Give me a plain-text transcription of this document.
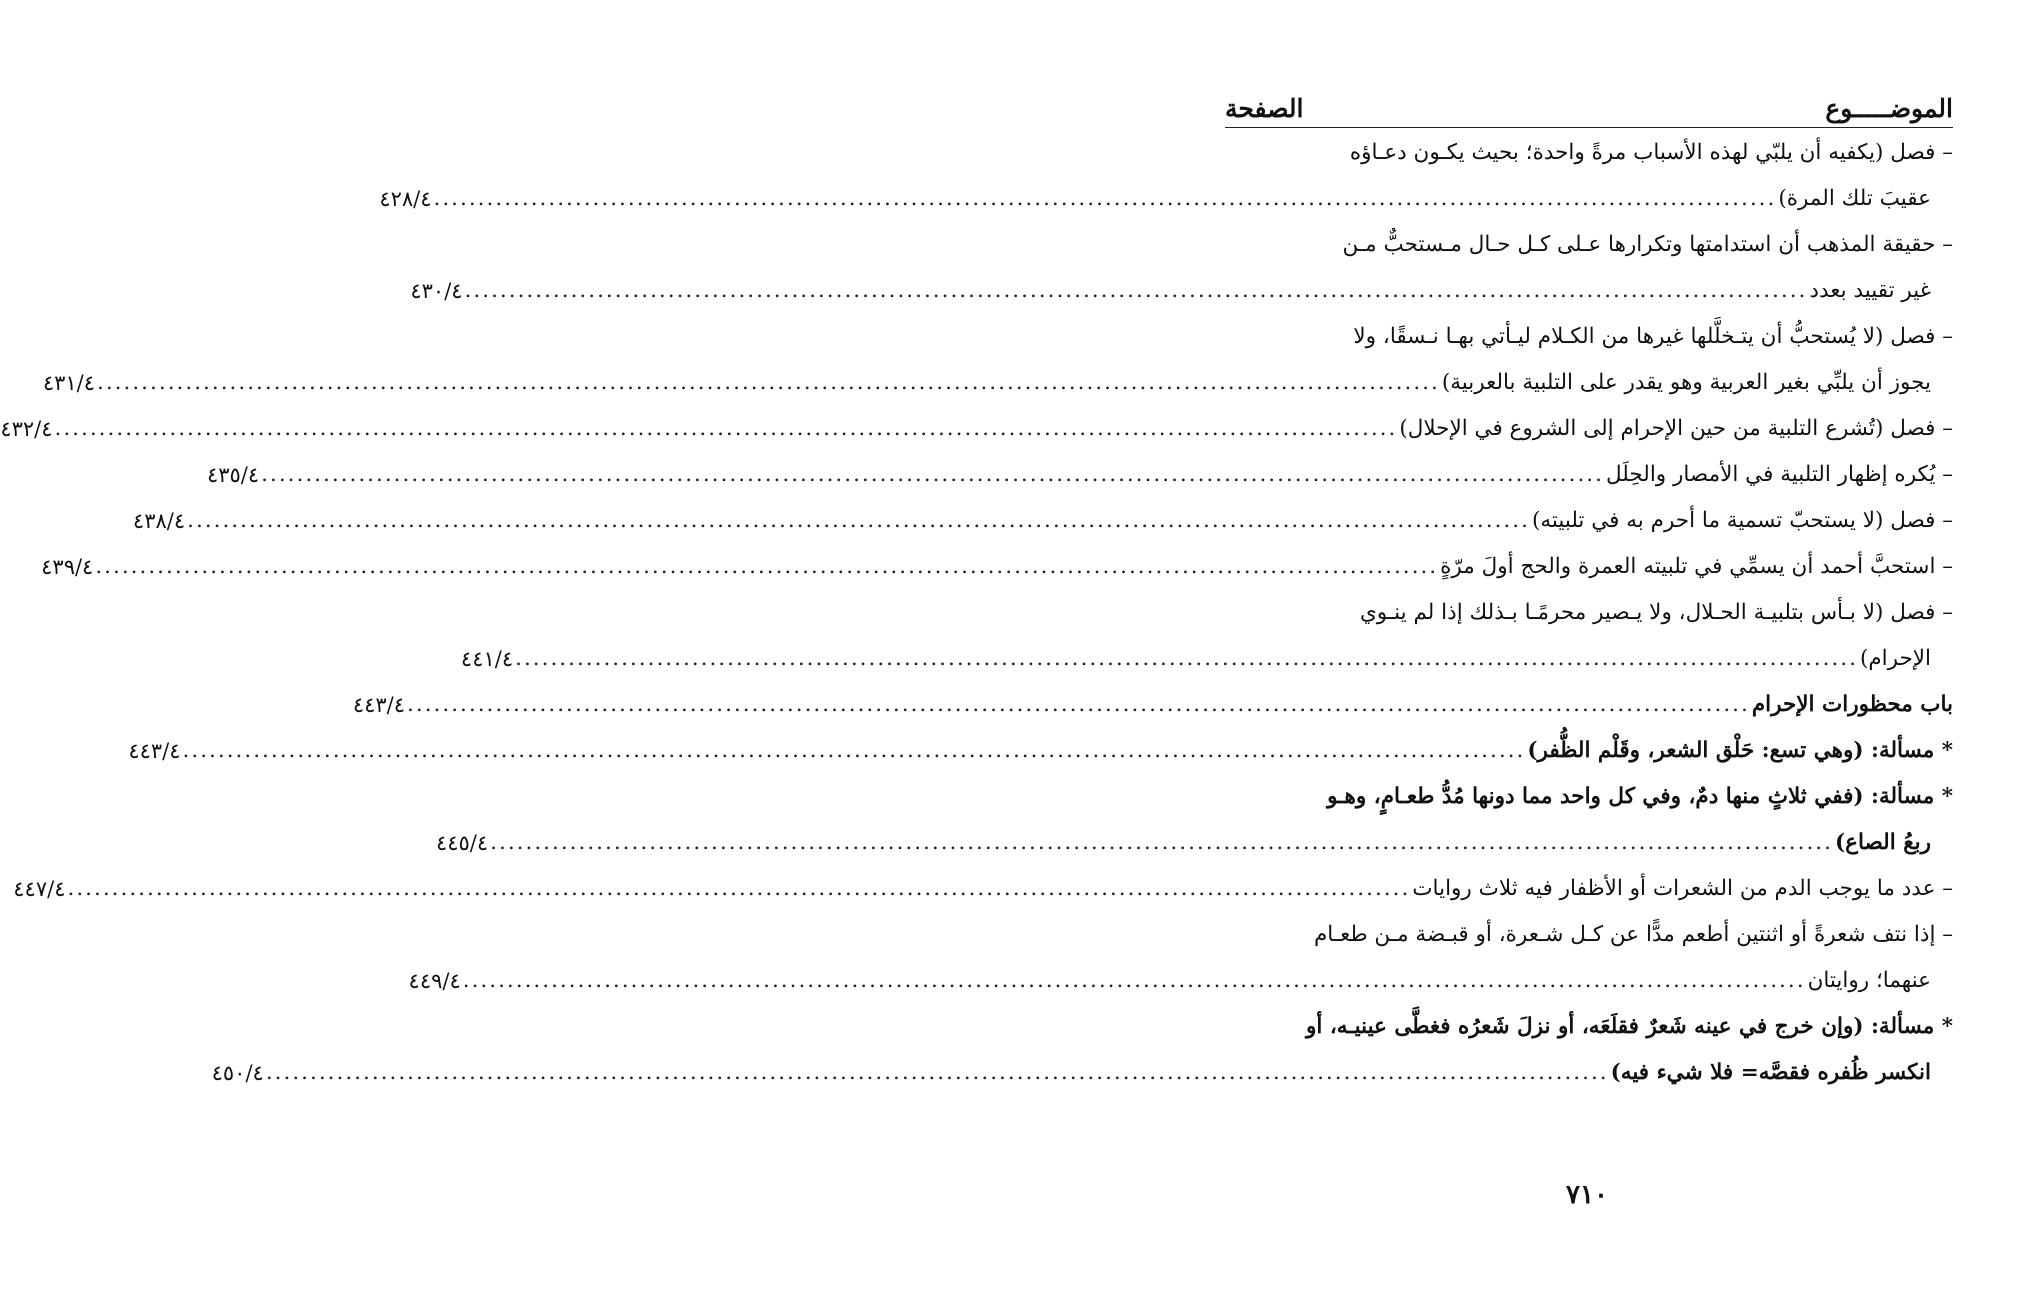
الموضـــــوع
الصفحة
– فصل (يكفيه أن يلبّي لهذه الأسباب مرةً واحدة؛ بحيث يكـون دعـاؤه
عقيبَ تلك المرة)
.....
٤٢٨/٤
– حقيقة المذهب أن استدامتها وتكرارها عـلى كـل حـال مـستحبٌّ مـن
غير تقييد بعدد
.....
٤٣٠/٤
– فصل (لا يُستحبُّ أن يتـخلَّلها غيرها من الكـلام ليـأتي بهـا نـسقًا، ولا
يجوز أن يلبِّي بغير العربية وهو يقدر على التلبية بالعربية)
.....
٤٣١/٤
– فصل (تُشرع التلبية من حين الإحرام إلى الشروع في الإحلال)
.....
٤٣٢/٤
– يُكره إظهار التلبية في الأمصار والحِلَل
.....
٤٣٥/٤
– فصل (لا يستحبّ تسمية ما أحرم به في تلبيته)
.....
٤٣٨/٤
– استحبَّ أحمد أن يسمِّي في تلبيته العمرة والحج أولَ مرّةٍ
.....
٤٣٩/٤
– فصل (لا بـأس بتلبيـة الحـلال، ولا يـصير محرمًـا بـذلك إذا لم ينـوي
الإحرام)
.....
٤٤١/٤
باب محظورات الإحرام
.....
٤٤٣/٤
* مسألة: (وهي تسع: حَلْق الشعر، وقَلْم الظُّفر)
.....
٤٤٣/٤
* مسألة: (ففي ثلاثٍ منها دمٌ، وفي كل واحد مما دونها مُدُّ طعـامٍ، وهـو
ربعُ الصاع)
.....
٤٤٥/٤
– عدد ما يوجب الدم من الشعرات أو الأظفار فيه ثلاث روايات
.....
٤٤٧/٤
– إذا نتف شعرةً أو اثنتين أطعم مدًّا عن كـل شـعرة، أو قبـضة مـن طعـام
عنهما؛ روايتان
.....
٤٤٩/٤
* مسألة: (وإن خرج في عينه شَعرٌ فقلَعَه، أو نزلَ شَعرُه فغطَّى عينيـه، أو
انكسر ظُفره فقصَّه= فلا شيء فيه)
.....
٤٥٠/٤
٧١٠
